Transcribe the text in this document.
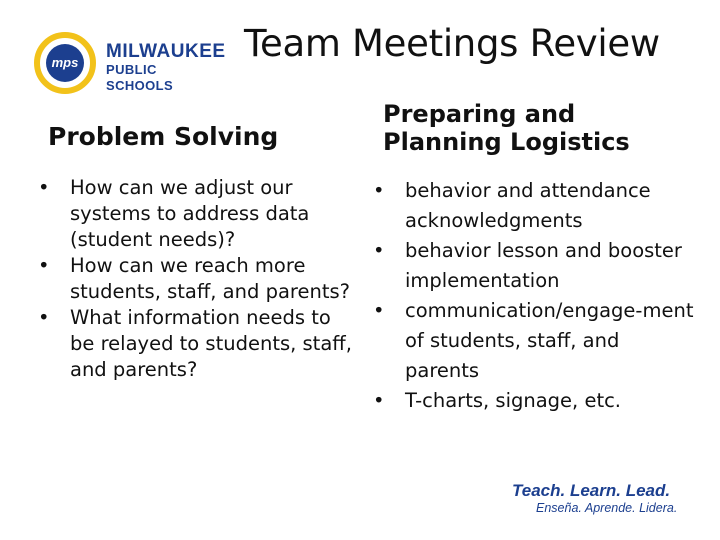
mps
MILWAUKEE
PUBLIC SCHOOLS
Team Meetings Review
Problem Solving
Preparing and Planning Logistics
• How can we adjust our systems to address data (student needs)?
• How can we reach more students, staff, and parents?
• What information needs to be relayed to students, staff, and parents?
• behavior and attendance acknowledgments
• behavior lesson and booster implementation
• communication/engage-ment of students, staff, and parents
• T-charts, signage, etc.
Teach. Learn. Lead.
Enseña. Aprende. Lidera.
